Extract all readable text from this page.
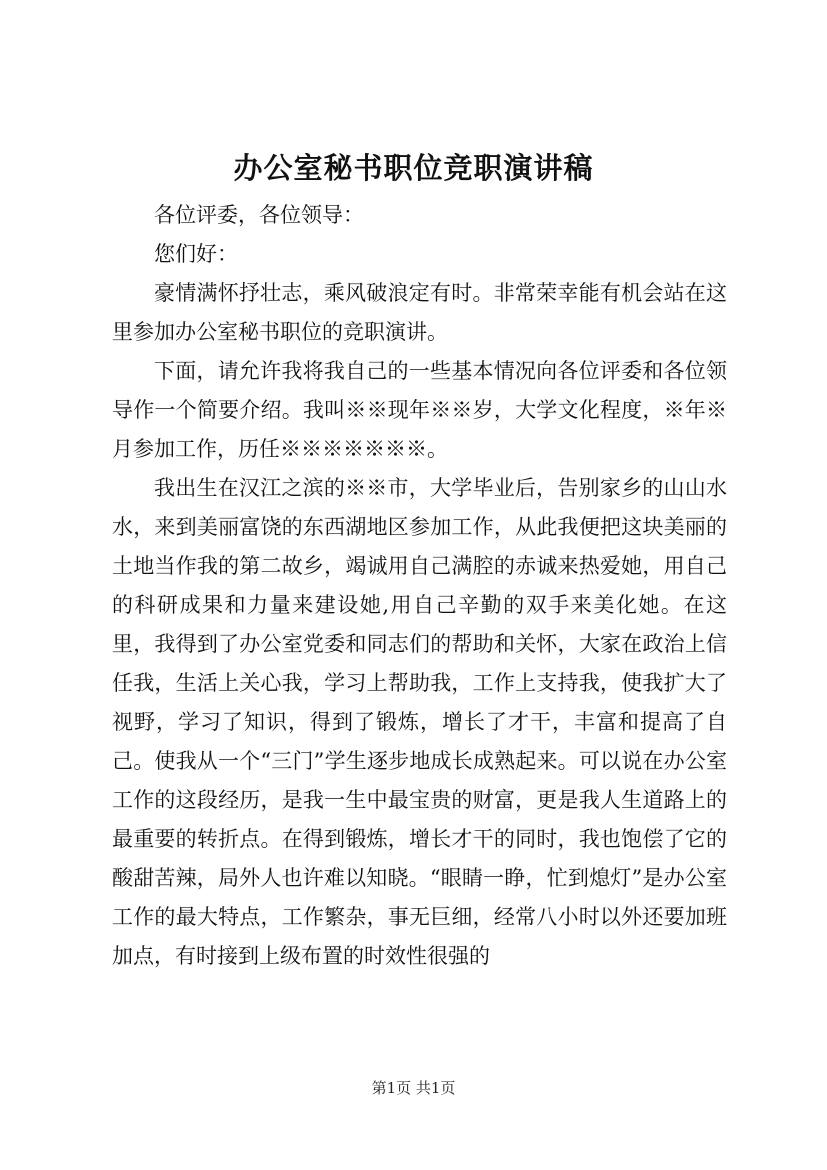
办公室秘书职位竞职演讲稿

各位评委，各位领导：

您们好：

豪情满怀抒壮志，乘风破浪定有时。非常荣幸能有机会站在这里参加办公室秘书职位的竞职演讲。

下面，请允许我将我自己的一些基本情况向各位评委和各位领导作一个简要介绍。我叫※※现年※※岁，大学文化程度，※年※月参加工作，历任※※※※※※※。

我出生在汉江之滨的※※市，大学毕业后，告别家乡的山山水水，来到美丽富饶的东西湖地区参加工作，从此我便把这块美丽的土地当作我的第二故乡，竭诚用自己满腔的赤诚来热爱她，用自己的科研成果和力量来建设她,用自己辛勤的双手来美化她。在这里，我得到了办公室党委和同志们的帮助和关怀，大家在政治上信任我，生活上关心我，学习上帮助我，工作上支持我，使我扩大了视野，学习了知识，得到了锻炼，增长了才干，丰富和提高了自己。使我从一个“三门”学生逐步地成长成熟起来。可以说在办公室工作的这段经历，是我一生中最宝贵的财富，更是我人生道路上的最重要的转折点。在得到锻炼，增长才干的同时，我也饱偿了它的酸甜苦辣，局外人也许难以知晓。“眼睛一睁，忙到熄灯”是办公室工作的最大特点，工作繁杂，事无巨细，经常八小时以外还要加班加点，有时接到上级布置的时效性很强的

第1页 共1页
